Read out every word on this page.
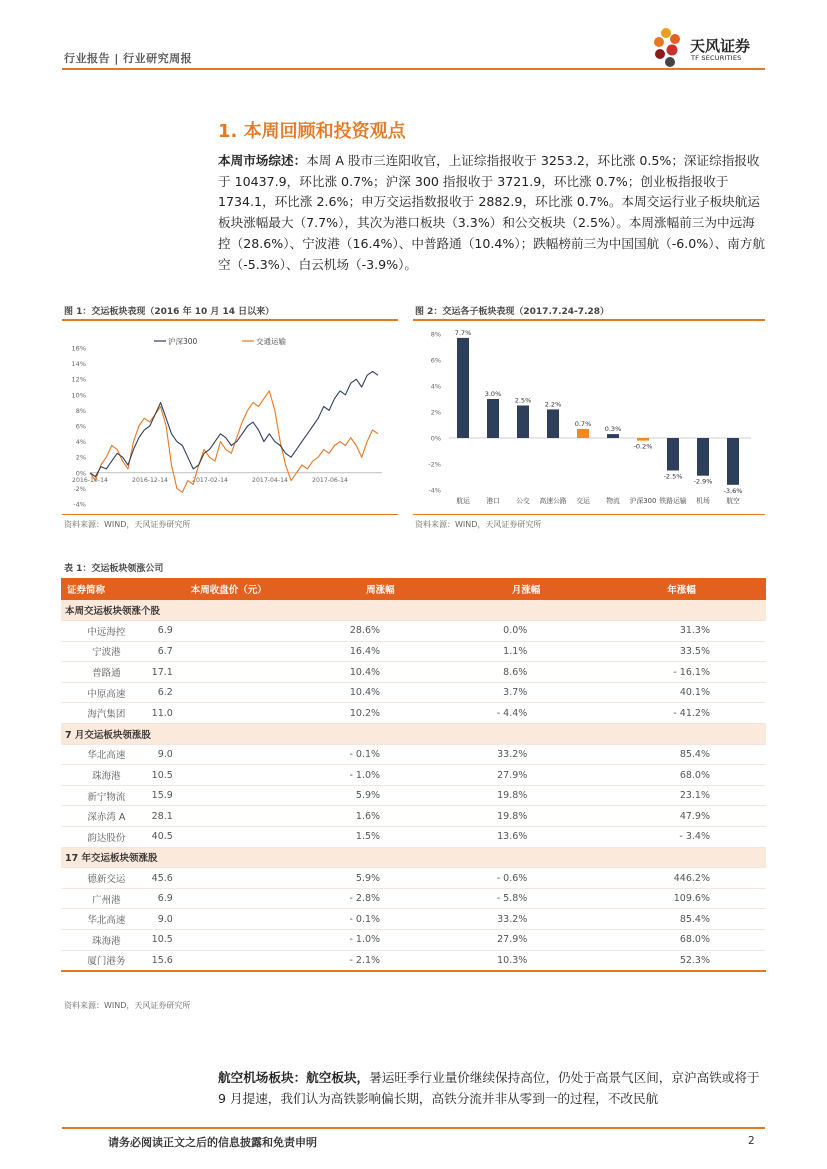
行业报告 | 行业研究周报
天风证券
TF SECURITIES
1. 本周回顾和投资观点

本周市场综述：本周 A 股市三连阳收官，上证综指报收于 3253.2，环比涨 0.5%；深证综指报收于 10437.9，环比涨 0.7%；沪深 300 指报收于 3721.9，环比涨 0.7%；创业板指报收于 1734.1，环比涨 2.6%；申万交运指数报收于 2882.9，环比涨 0.7%。本周交运行业子板块航运板块涨幅最大（7.7%），其次为港口板块（3.3%）和公交板块（2.5%）。本周涨幅前三为中远海控（28.6%）、宁波港（16.4%）、中普路通（10.4%）；跌幅榜前三为中国国航（-6.0%）、南方航空（-5.3%）、白云机场（-3.9%）。

图 1：交运板块表现（2016 年 10 月 14 日以来）
沪深300	交通运输
16%
14%
12%
10%
8%
6%
4%
2%
0%
-2%
-4%
2016-10-14	2016-12-14	2017-02-14	2017-04-14	2017-06-14
资料来源：WIND，天风证券研究所
图 2：交运各子板块表现（2017.7.24-7.28）
8%
6%
4%
2%
0%
-2%
-4%
7.7%
航运
3.0%
港口
2.5%
公交
2.2%
高速公路
0.7%
交运
0.3%
物流
-0.2%
沪深300
-2.5%
铁路运输
-2.9%
机场
-3.6%
航空
资料来源：WIND，天风证券研究所
表 1：交运板块领涨公司
证券简称	本周收盘价（元）	周涨幅	月涨幅	年涨幅
本周交运板块领涨个股				
中远海控	6.9	28.6%	0.0%	31.3%
宁波港	6.7	16.4%	1.1%	33.5%
普路通	17.1	10.4%	8.6%	- 16.1%
中原高速	6.2	10.4%	3.7%	40.1%
海汽集团	11.0	10.2%	- 4.4%	- 41.2%
7 月交运板块领涨股				
华北高速	9.0	- 0.1%	33.2%	85.4%
珠海港	10.5	- 1.0%	27.9%	68.0%
新宁物流	15.9	5.9%	19.8%	23.1%
深赤湾 A	28.1	1.6%	19.8%	47.9%
韵达股份	40.5	1.5%	13.6%	- 3.4%
17 年交运板块领涨股				
德新交运	45.6	5.9%	- 0.6%	446.2%
广州港	6.9	- 2.8%	- 5.8%	109.6%
华北高速	9.0	- 0.1%	33.2%	85.4%
珠海港	10.5	- 1.0%	27.9%	68.0%
厦门港务	15.6	- 2.1%	10.3%	52.3%
资料来源：WIND，天风证券研究所

航空机场板块：航空板块，暑运旺季行业量价继续保持高位，仍处于高景气区间，京沪高铁或将于 9 月提速，我们认为高铁影响偏长期，高铁分流并非从零到一的过程，不改民航

请务必阅读正文之后的信息披露和免责申明	2
